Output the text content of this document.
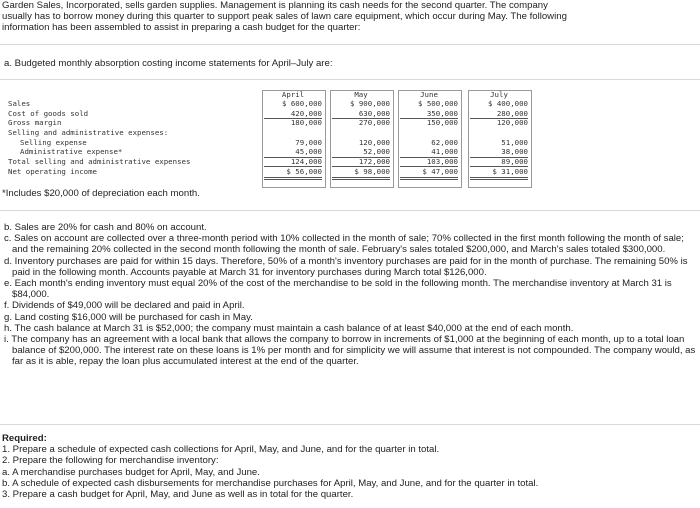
Garden Sales, Incorporated, sells garden supplies. Management is planning its cash needs for the second quarter. The company
usually has to borrow money during this quarter to support peak sales of lawn care equipment, which occur during May. The following
information has been assembled to assist in preparing a cash budget for the quarter:
a. Budgeted monthly absorption costing income statements for April–July are:
April	May	June	July
Sales	$ 600,000	$ 900,000	$ 500,000	$ 400,000
Cost of goods sold	420,000	630,000	350,000	280,000
Gross margin	180,000	270,000	150,000	120,000
Selling and administrative expenses:
Selling expense	79,000	120,000	62,000	51,000
Administrative expense*	45,000	52,000	41,000	38,000
Total selling and administrative expenses	124,000	172,000	103,000	89,000
Net operating income	$ 56,000	$ 98,000	$ 47,000	$ 31,000
*Includes $20,000 of depreciation each month.
b. Sales are 20% for cash and 80% on account.
c. Sales on account are collected over a three-month period with 10% collected in the month of sale; 70% collected in the first month following the month of sale; and the remaining 20% collected in the second month following the month of sale. February's sales totaled $200,000, and March's sales totaled $300,000.
d. Inventory purchases are paid for within 15 days. Therefore, 50% of a month's inventory purchases are paid for in the month of purchase. The remaining 50% is paid in the following month. Accounts payable at March 31 for inventory purchases during March total $126,000.
e. Each month's ending inventory must equal 20% of the cost of the merchandise to be sold in the following month. The merchandise inventory at March 31 is $84,000.
f. Dividends of $49,000 will be declared and paid in April.
g. Land costing $16,000 will be purchased for cash in May.
h. The cash balance at March 31 is $52,000; the company must maintain a cash balance of at least $40,000 at the end of each month.
i. The company has an agreement with a local bank that allows the company to borrow in increments of $1,000 at the beginning of each month, up to a total loan balance of $200,000. The interest rate on these loans is 1% per month and for simplicity we will assume that interest is not compounded. The company would, as far as it is able, repay the loan plus accumulated interest at the end of the quarter.
Required:
1. Prepare a schedule of expected cash collections for April, May, and June, and for the quarter in total.
2. Prepare the following for merchandise inventory:
a. A merchandise purchases budget for April, May, and June.
b. A schedule of expected cash disbursements for merchandise purchases for April, May, and June, and for the quarter in total.
3. Prepare a cash budget for April, May, and June as well as in total for the quarter.
